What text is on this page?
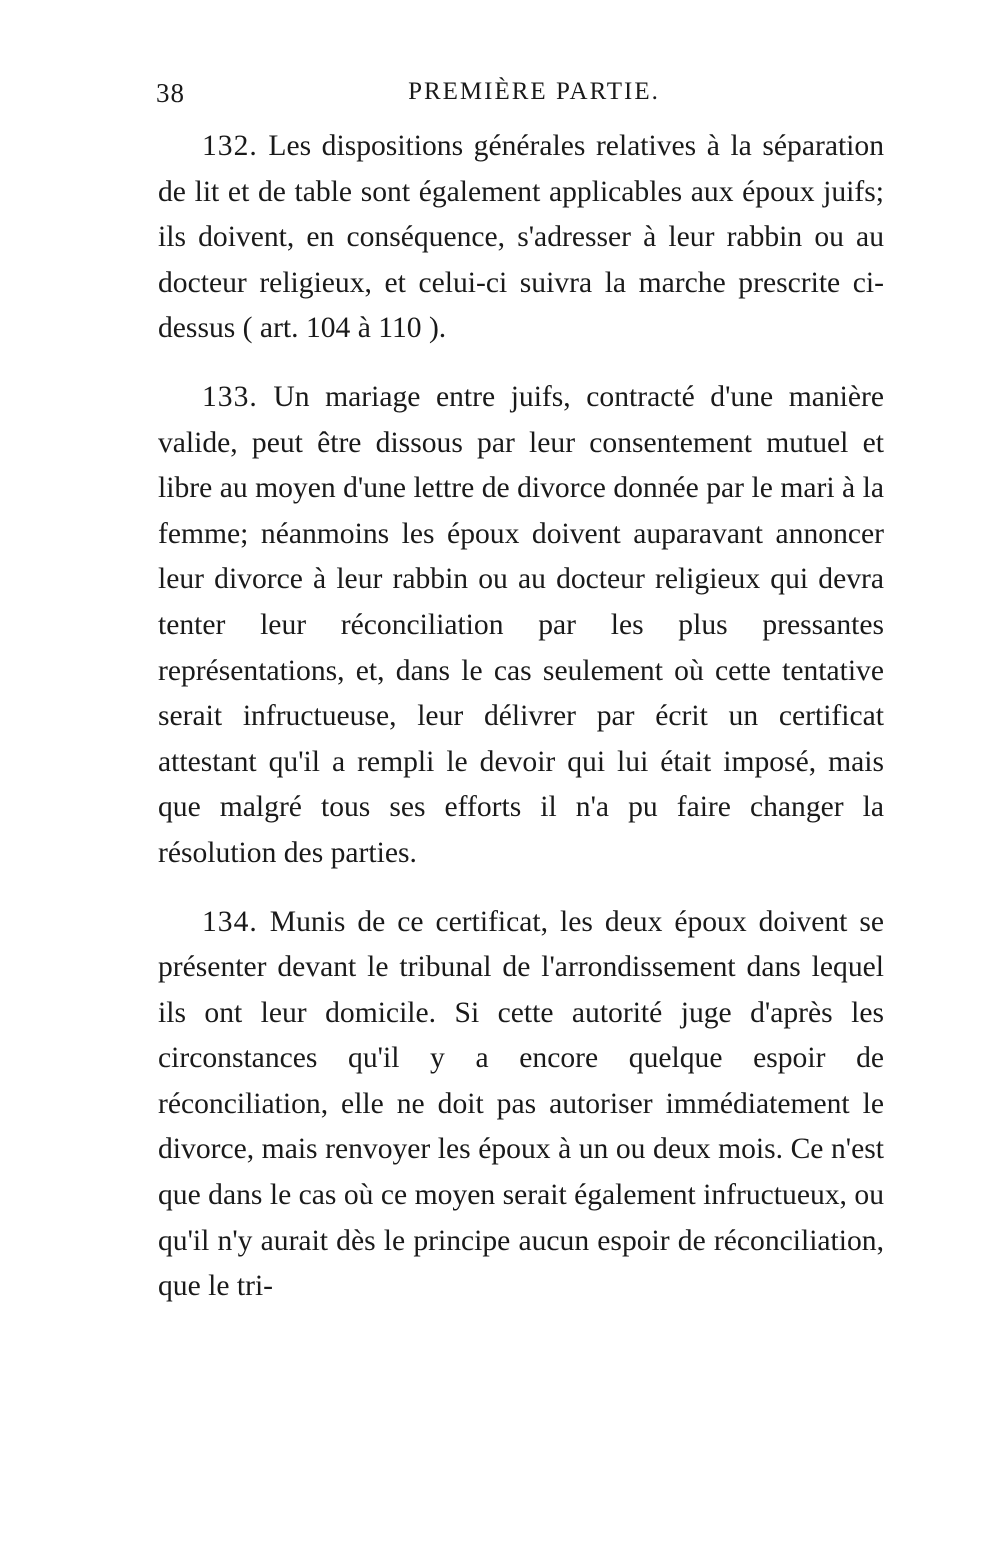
38	PREMIÈRE PARTIE.

132. Les dispositions générales relatives à la séparation de lit et de table sont également applicables aux époux juifs; ils doivent, en conséquence, s'adresser à leur rabbin ou au docteur religieux, et celui-ci suivra la marche prescrite ci-dessus ( art. 104 à 110 ).

133. Un mariage entre juifs, contracté d'une manière valide, peut être dissous par leur consentement mutuel et libre au moyen d'une lettre de divorce donnée par le mari à la femme; néanmoins les époux doivent auparavant annoncer leur divorce à leur rabbin ou au docteur religieux qui devra tenter leur réconciliation par les plus pressantes représentations, et, dans le cas seulement où cette tentative serait infructueuse, leur délivrer par écrit un certificat attestant qu'il a rempli le devoir qui lui était imposé, mais que malgré tous ses efforts il n'a pu faire changer la résolution des parties.

134. Munis de ce certificat, les deux époux doivent se présenter devant le tribunal de l'arrondissement dans lequel ils ont leur domicile. Si cette autorité juge d'après les circonstances qu'il y a encore quelque espoir de réconciliation, elle ne doit pas autoriser immédiatement le divorce, mais renvoyer les époux à un ou deux mois. Ce n'est que dans le cas où ce moyen serait également infructueux, ou qu'il n'y aurait dès le principe aucun espoir de réconciliation, que le tri-
